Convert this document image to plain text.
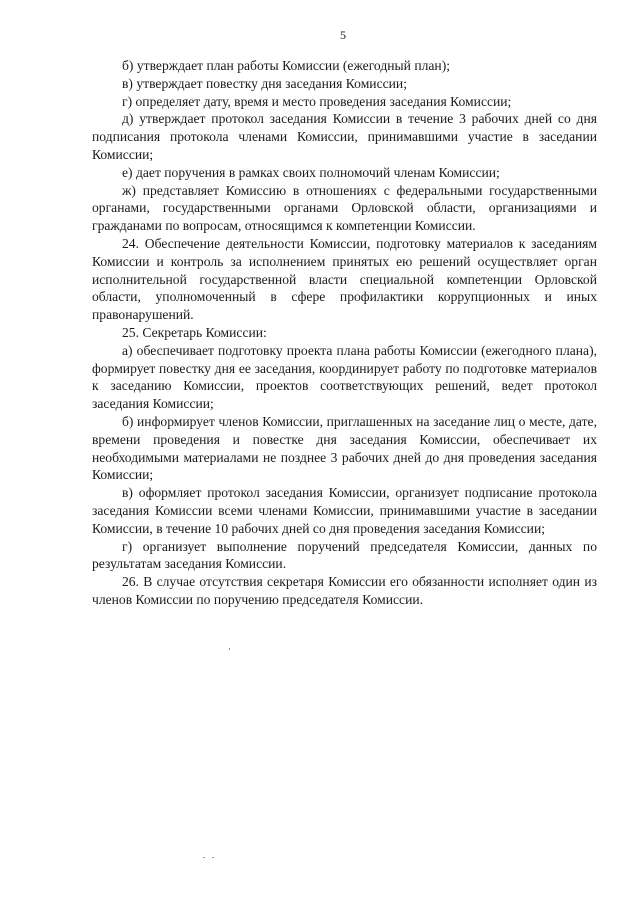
5

б) утверждает план работы Комиссии (ежегодный план);

в) утверждает повестку дня заседания Комиссии;

г) определяет дату, время и место проведения заседания Комиссии;

д) утверждает протокол заседания Комиссии в течение 3 рабочих дней со дня подписания протокола членами Комиссии, принимавшими участие в заседании Комиссии;

е) дает поручения в рамках своих полномочий членам Комиссии;

ж) представляет Комиссию в отношениях с федеральными государственными органами, государственными органами Орловской области, организациями и гражданами по вопросам, относящимся к компетенции Комиссии.

24. Обеспечение деятельности Комиссии, подготовку материалов к заседаниям Комиссии и контроль за исполнением принятых ею решений осуществляет орган исполнительной государственной власти специальной компетенции Орловской области, уполномоченный в сфере профилактики коррупционных и иных правонарушений.

25. Секретарь Комиссии:

а) обеспечивает подготовку проекта плана работы Комиссии (ежегодного плана), формирует повестку дня ее заседания, координирует работу по подготовке материалов к заседанию Комиссии, проектов соответствующих решений, ведет протокол заседания Комиссии;

б) информирует членов Комиссии, приглашенных на заседание лиц о месте, дате, времени проведения и повестке дня заседания Комиссии, обеспечивает их необходимыми материалами не позднее 3 рабочих дней до дня проведения заседания Комиссии;

в) оформляет протокол заседания Комиссии, организует подписание протокола заседания Комиссии всеми членами Комиссии, принимавшими участие в заседании Комиссии, в течение 10 рабочих дней со дня проведения заседания Комиссии;

г) организует выполнение поручений председателя Комиссии, данных по результатам заседания Комиссии.

26. В случае отсутствия секретаря Комиссии его обязанности исполняет один из членов Комиссии по поручению председателя Комиссии.
